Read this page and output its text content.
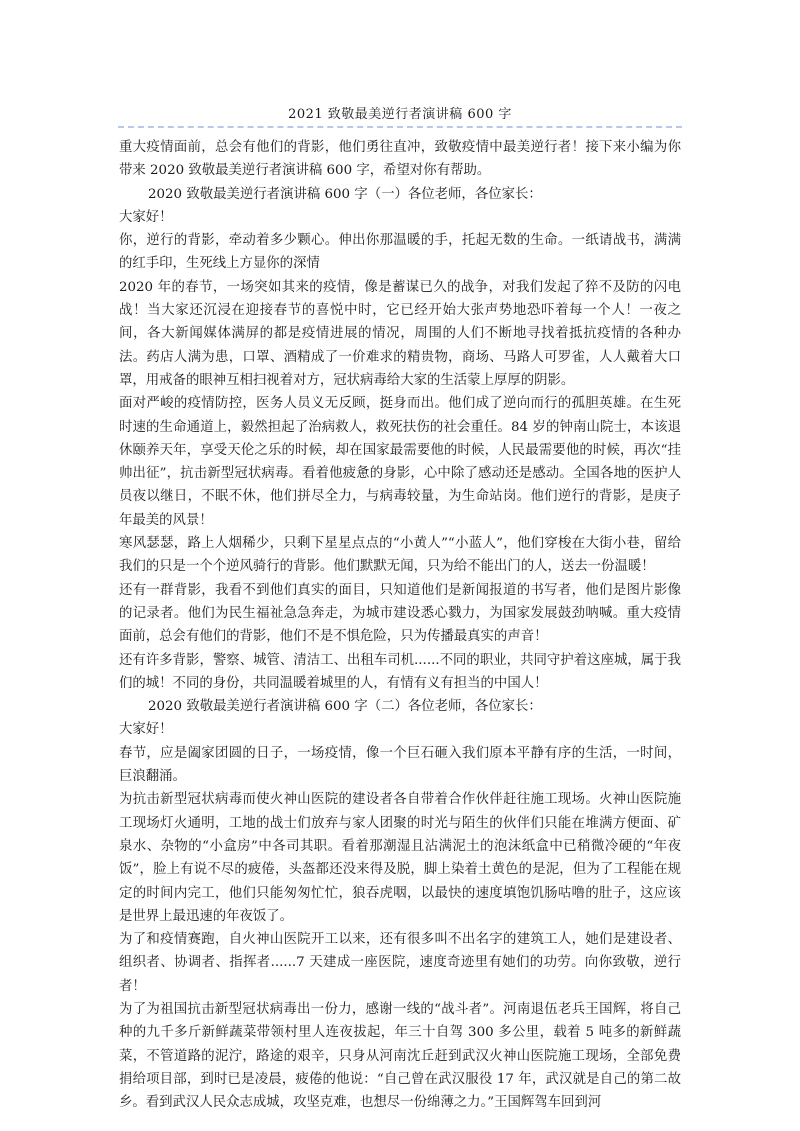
2021 致敬最美逆行者演讲稿 600 字

重大疫情面前，总会有他们的背影，他们勇往直冲，致敬疫情中最美逆行者！接下来小编为你带来 2020 致敬最美逆行者演讲稿 600 字，希望对你有帮助。

2020 致敬最美逆行者演讲稿 600 字（一）各位老师，各位家长：

大家好！

你，逆行的背影，牵动着多少颗心。伸出你那温暖的手，托起无数的生命。一纸请战书，满满的红手印，生死线上方显你的深情

2020 年的春节，一场突如其来的疫情，像是蓄谋已久的战争，对我们发起了猝不及防的闪电战！当大家还沉浸在迎接春节的喜悦中时，它已经开始大张声势地恐吓着每一个人！一夜之间，各大新闻媒体满屏的都是疫情进展的情况，周围的人们不断地寻找着抵抗疫情的各种办法。药店人满为患，口罩、酒精成了一价难求的精贵物，商场、马路人可罗雀，人人戴着大口罩，用戒备的眼神互相扫视着对方，冠状病毒给大家的生活蒙上厚厚的阴影。

面对严峻的疫情防控，医务人员义无反顾，挺身而出。他们成了逆向而行的孤胆英雄。在生死时速的生命通道上，毅然担起了治病救人，救死扶伤的社会重任。84 岁的钟南山院士，本该退休颐养天年，享受天伦之乐的时候，却在国家最需要他的时候，人民最需要他的时候，再次“挂帅出征”，抗击新型冠状病毒。看着他疲惫的身影，心中除了感动还是感动。全国各地的医护人员夜以继日，不眠不休，他们拼尽全力，与病毒较量，为生命站岗。他们逆行的背影，是庚子年最美的风景！

寒风瑟瑟，路上人烟稀少，只剩下星星点点的“小黄人”“小蓝人”，他们穿梭在大街小巷，留给我们的只是一个个逆风骑行的背影。他们默默无闻，只为给不能出门的人，送去一份温暖！

还有一群背影，我看不到他们真实的面目，只知道他们是新闻报道的书写者，他们是图片影像的记录者。他们为民生福祉急急奔走，为城市建设悉心戮力，为国家发展鼓劲呐喊。重大疫情面前，总会有他们的背影，他们不是不惧危险，只为传播最真实的声音！

还有许多背影，警察、城管、清洁工、出租车司机......不同的职业，共同守护着这座城，属于我们的城！不同的身份，共同温暖着城里的人，有情有义有担当的中国人！

2020 致敬最美逆行者演讲稿 600 字（二）各位老师，各位家长：

大家好！

春节，应是阖家团圆的日子，一场疫情，像一个巨石砸入我们原本平静有序的生活，一时间，巨浪翻涌。

为抗击新型冠状病毒而使火神山医院的建设者各自带着合作伙伴赶往施工现场。火神山医院施工现场灯火通明，工地的战士们放弃与家人团聚的时光与陌生的伙伴们只能在堆满方便面、矿泉水、杂物的“小盒房”中各司其职。看着那潮湿且沾满泥土的泡沫纸盒中已稍微冷硬的“年夜饭”，脸上有说不尽的疲倦，头盔都还没来得及脱，脚上染着土黄色的是泥，但为了工程能在规定的时间内完工，他们只能匆匆忙忙，狼吞虎咽，以最快的速度填饱饥肠咕噜的肚子，这应该是世界上最迅速的年夜饭了。

为了和疫情赛跑，自火神山医院开工以来，还有很多叫不出名字的建筑工人，她们是建设者、组织者、协调者、指挥者......7 天建成一座医院，速度奇迹里有她们的功劳。向你致敬，逆行者！

为了为祖国抗击新型冠状病毒出一份力，感谢一线的“战斗者”。河南退伍老兵王国辉，将自己种的九千多斤新鲜蔬菜带领村里人连夜拔起，年三十自驾 300 多公里，载着 5 吨多的新鲜蔬菜，不管道路的泥泞，路途的艰辛，只身从河南沈丘赶到武汉火神山医院施工现场，全部免费捐给项目部，到时已是凌晨，疲倦的他说：“自己曾在武汉服役 17 年，武汉就是自己的第二故乡。看到武汉人民众志成城，攻坚克难，也想尽一份绵薄之力。”王国辉驾车回到河
